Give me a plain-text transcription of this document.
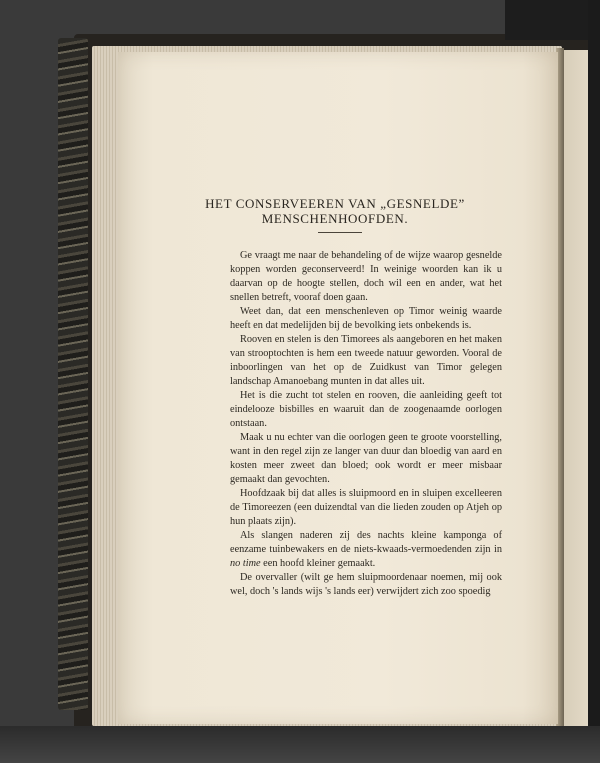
HET CONSERVEEREN VAN „GESNELDE”
MENSCHENHOOFDEN.

Ge vraagt me naar de behandeling of de wijze waarop gesnelde koppen worden geconserveerd! In weinige woorden kan ik u daarvan op de hoogte stellen, doch wil een en ander, wat het snellen betreft, vooraf doen gaan.

Weet dan, dat een menschenleven op Timor weinig waarde heeft en dat medelijden bij de bevolking iets onbekends is.

Rooven en stelen is den Timorees als aangeboren en het maken van strooptochten is hem een tweede natuur geworden. Vooral de inboorlingen van het op de Zuidkust van Timor gelegen landschap Amanoebang munten in dat alles uit.

Het is die zucht tot stelen en rooven, die aanleiding geeft tot eindelooze bisbilles en waaruit dan de zoogenaamde oorlogen ontstaan.

Maak u nu echter van die oorlogen geen te groote voorstelling, want in den regel zijn ze langer van duur dan bloedig van aard en kosten meer zweet dan bloed; ook wordt er meer misbaar gemaakt dan gevochten.

Hoofdzaak bij dat alles is sluipmoord en in sluipen excelleeren de Timoreezen (een duizendtal van die lieden zouden op Atjeh op hun plaats zijn).

Als slangen naderen zij des nachts kleine kamponga of eenzame tuinbewakers en de niets-kwaads-vermoedenden zijn in no time een hoofd kleiner gemaakt.

De overvaller (wilt ge hem sluipmoordenaar noemen, mij ook wel, doch 's lands wijs 's lands eer) verwijdert zich zoo spoedig
